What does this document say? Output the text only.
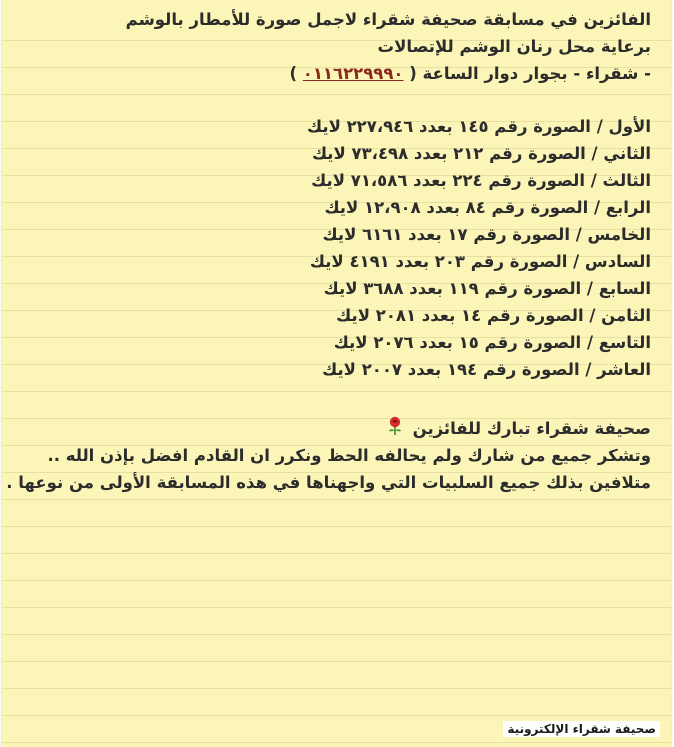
الفائزين في مسابقة صحيفة شقراء لاجمل صورة للأمطار بالوشم
برعاية محل رنان الوشم للإتصالات
- شقراء - بجوار دوار الساعة ( ٠١١٦٢٢٩٩٩٠ )
الأول / الصورة رقم ١٤٥ بعدد ٢٢٧،٩٤٦ لايك
الثاني / الصورة رقم ٢١٢ بعدد ٧٣،٤٩٨ لايك
الثالث / الصورة رقم ٢٢٤ بعدد ٧١،٥٨٦ لايك
الرابع / الصورة رقم ٨٤ بعدد ١٢،٩٠٨ لايك
الخامس / الصورة رقم ١٧ بعدد ٦١٦١ لايك
السادس / الصورة رقم ٢٠٣ بعدد ٤١٩١ لايك
السابع / الصورة رقم ١١٩ بعدد ٣٦٨٨ لايك
الثامن / الصورة رقم ١٤ بعدد ٢٠٨١ لايك
التاسع / الصورة رقم ١٥ بعدد ٢٠٧٦ لايك
العاشر / الصورة رقم ١٩٤ بعدد ٢٠٠٧ لايك
صحيفة شقراء تبارك للفائزين
وتشكر جميع من شارك ولم يحالفه الحظ ونكرر ان القادم افضل بإذن الله ..
متلافين بذلك جميع السلبيات التي واجهناها في هذه المسابقة الأولى من نوعها .
صحيفة شقراء الإلكترونية
